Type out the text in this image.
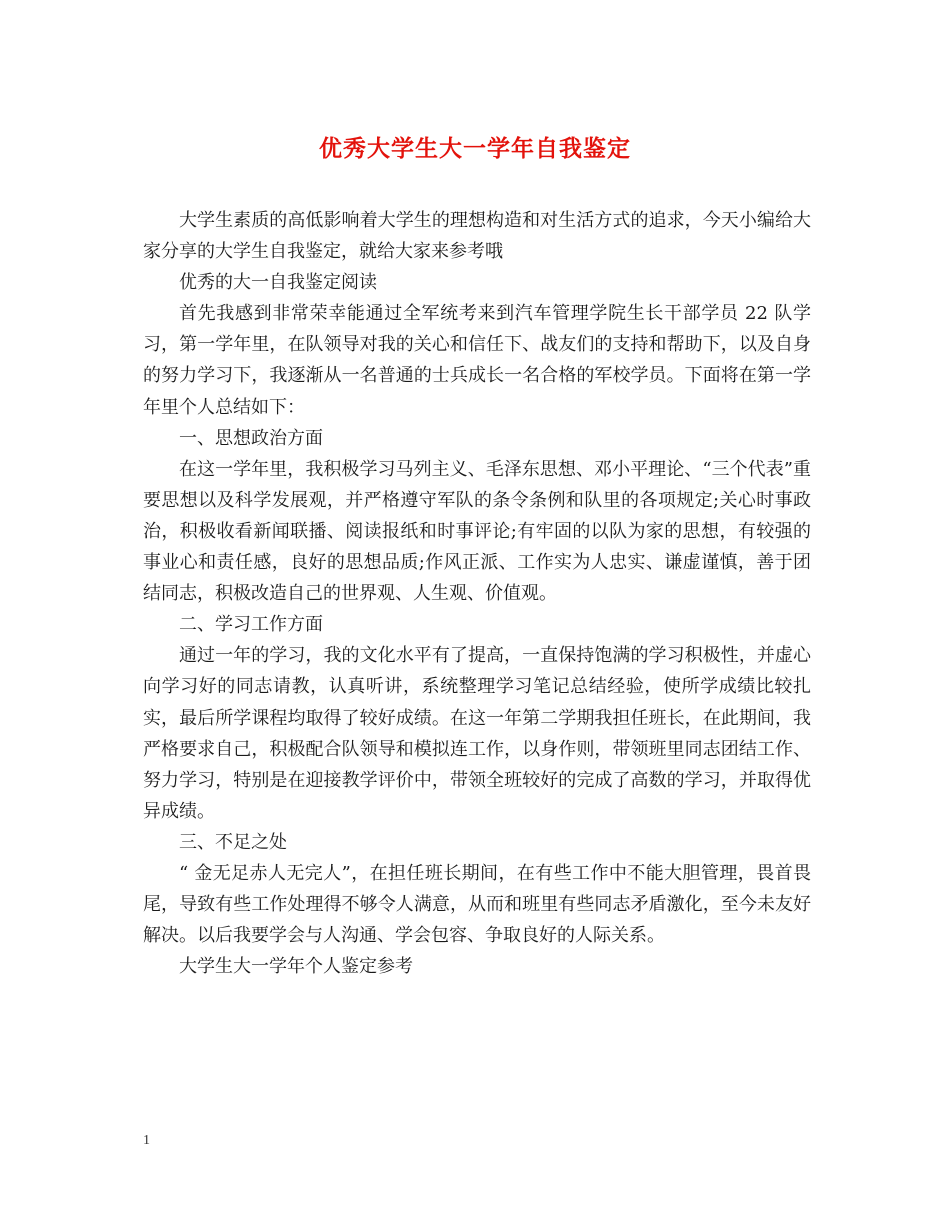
优秀大学生大一学年自我鉴定

大学生素质的高低影响着大学生的理想构造和对生活方式的追求，今天小编给大家分享的大学生自我鉴定，就给大家来参考哦

优秀的大一自我鉴定阅读

首先我感到非常荣幸能通过全军统考来到汽车管理学院生长干部学员 22 队学习，第一学年里，在队领导对我的关心和信任下、战友们的支持和帮助下，以及自身的努力学习下，我逐渐从一名普通的士兵成长一名合格的军校学员。下面将在第一学年里个人总结如下：

一、思想政治方面

在这一学年里，我积极学习马列主义、毛泽东思想、邓小平理论、“三个代表”重要思想以及科学发展观，并严格遵守军队的条令条例和队里的各项规定;关心时事政治，积极收看新闻联播、阅读报纸和时事评论;有牢固的以队为家的思想，有较强的事业心和责任感，良好的思想品质;作风正派、工作实为人忠实、谦虚谨慎，善于团结同志，积极改造自己的世界观、人生观、价值观。

二、学习工作方面

通过一年的学习，我的文化水平有了提高，一直保持饱满的学习积极性，并虚心向学习好的同志请教，认真听讲，系统整理学习笔记总结经验，使所学成绩比较扎实，最后所学课程均取得了较好成绩。在这一年第二学期我担任班长，在此期间，我严格要求自己，积极配合队领导和模拟连工作，以身作则，带领班里同志团结工作、努力学习，特别是在迎接教学评价中，带领全班较好的完成了高数的学习，并取得优异成绩。

三、不足之处

“ 金无足赤人无完人”，在担任班长期间，在有些工作中不能大胆管理，畏首畏尾，导致有些工作处理得不够令人满意，从而和班里有些同志矛盾激化，至今未友好解决。以后我要学会与人沟通、学会包容、争取良好的人际关系。

大学生大一学年个人鉴定参考

1
